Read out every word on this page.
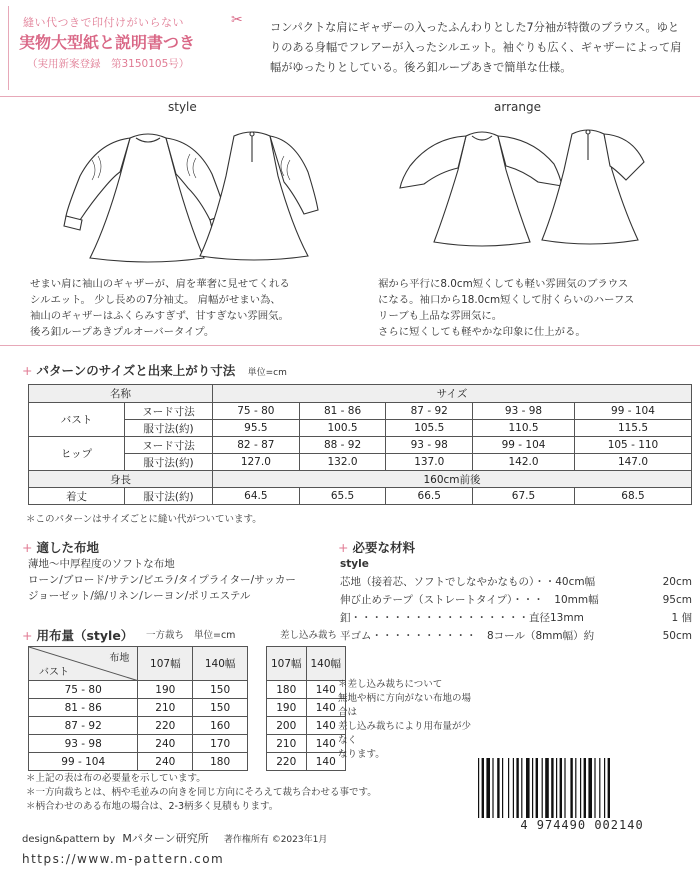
縫い代つきで印付けがいらない
実物大型紙と説明書つき
（実用新案登録　第3150105号）
✂ コンパクトな肩にギャザーの入ったふんわりとした7分袖が特徴のブラウス。ゆとりのある身幅でフレアーが入ったシルエット。袖ぐりも広く、ギャザーによって肩幅がゆったりとしている。後ろ釦ループあきで簡単な仕様。
style	arrange
せまい肩に袖山のギャザーが、肩を華奢に見せてくれる
シルエット。 少し長めの7分袖丈。 肩幅がせまい為、
袖山のギャザーはふくらみすぎず、甘すぎない雰囲気。
後ろ釦ループあきプルオーバータイプ。
裾から平行に8.0cm短くしても軽い雰囲気のブラウス
になる。袖口から18.0cm短くして肘くらいのハーフス
リーブも上品な雰囲気に。
さらに短くしても軽やかな印象に仕上がる。
+ パターンのサイズと出来上がり寸法 単位=cm
名称		サイズ				
バスト	ヌード寸法	75 - 80	81 - 86	87 - 92	93 - 98	99 - 104
	服寸法(約)	95.5	100.5	105.5	110.5	115.5
ヒップ	ヌード寸法	82 - 87	88 - 92	93 - 98	99 - 104	105 - 110
	服寸法(約)	127.0	132.0	137.0	142.0	147.0
身長		160cm前後				
着丈	服寸法(約)	64.5	65.5	66.5	67.5	68.5
＊このパターンはサイズごとに縫い代がついています。
+ 適した布地
薄地～中厚程度のソフトな布地
ローン/ブロード/サテン/ビエラ/タイプライター/サッカー
ジョーゼット/綿/リネン/レーヨン/ポリエステル
+ 必要な材料
style
芯地（接着芯、ソフトでしなやかなもの）・・40cm幅	20cm
伸び止めテープ（ストレートタイプ）・・・　10mm幅	95cm
釦・・・・・・・・・・・・・・・・・直径13mm	1 個
平ゴム・・・・・・・・・・　8コール（8mm幅）約	50cm
+ 用布量（style） 一方裁ち 単位=cm	差し込み裁ち
布地
バスト	107幅	140幅
75 - 80	190	150
81 - 86	210	150
87 - 92	220	160
93 - 98	240	170
99 - 104	240	180
107幅	140幅
180	140
190	140
200	140
210	140
220	140
＊差し込み裁ちについて
無地や柄に方向がない布地の場合は
差し込み裁ちにより用布量が少なく
なります。
＊上記の表は布の必要量を示しています。
＊一方向裁ちとは、柄や毛並みの向きを同じ方向にそろえて裁ち合わせる事です。
＊柄合わせのある布地の場合は、2-3柄多く見積もります。
4 974490 002140
design&pattern by Mパターン研究所 著作権所有 ©2023年1月
https://www.m-pattern.com
